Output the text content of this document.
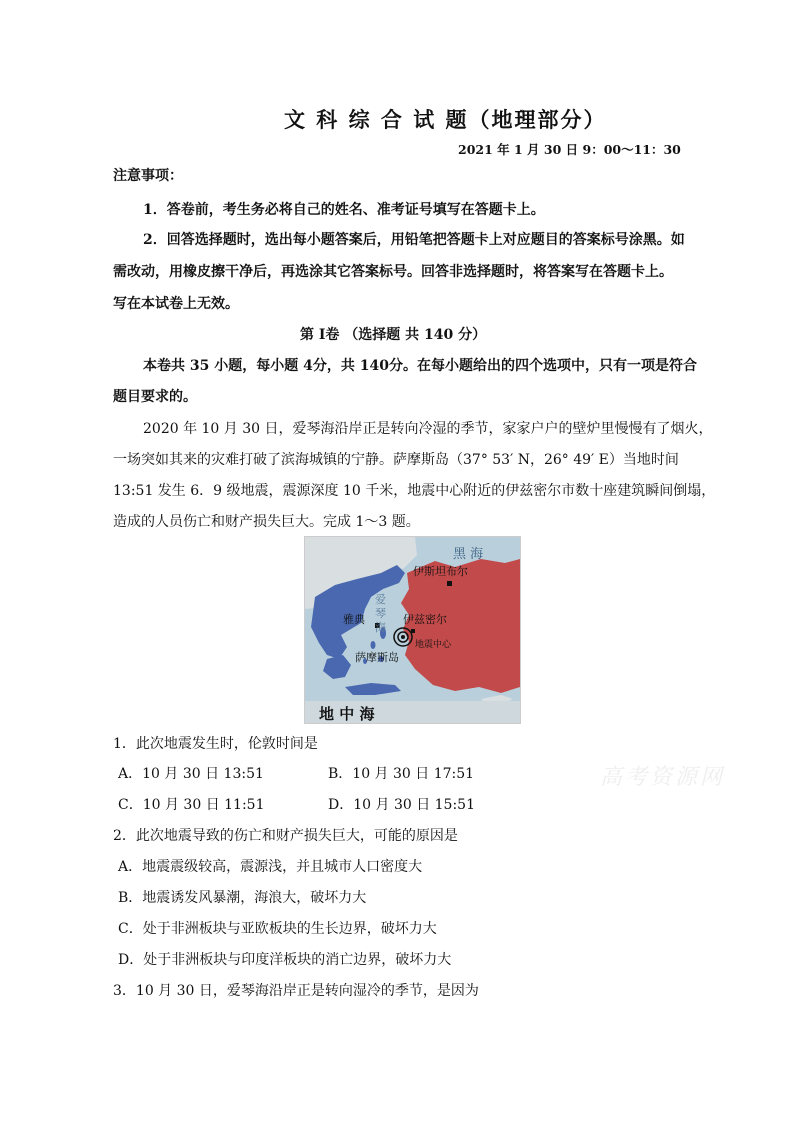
文 科 综 合 试 题（地理部分）
2021 年 1 月 30 日 9：00～11：30
注意事项：
1．答卷前，考生务必将自己的姓名、准考证号填写在答题卡上。
2．回答选择题时，选出每小题答案后，用铅笔把答题卡上对应题目的答案标号涂黑。如
需改动，用橡皮擦干净后，再选涂其它答案标号。回答非选择题时，将答案写在答题卡上。
写在本试卷上无效。
第 Ⅰ卷 （选择题 共 140 分）
本卷共 35 小题，每小题 4分，共 140分。在每小题给出的四个选项中，只有一项是符合
题目要求的。
2020 年 10 月 30 日，爱琴海沿岸正是转向冷湿的季节，家家户户的壁炉里慢慢有了烟火，
一场突如其来的灾难打破了滨海城镇的宁静。萨摩斯岛（37° 53′ N，26° 49′ E）当地时间
13:51 发生 6．9 级地震，震源深度 10 千米，地震中心附近的伊兹密尔市数十座建筑瞬间倒塌，
造成的人员伤亡和财产损失巨大。完成 1～3 题。
黑 海
伊斯坦布尔
爱
琴
海
雅典	伊兹密尔
地震中心
萨摩斯岛
地 中 海
1．此次地震发生时，伦敦时间是
A．10 月 30 日 13:51	B．10 月 30 日 17:51
C．10 月 30 日 11:51	D．10 月 30 日 15:51
2．此次地震导致的伤亡和财产损失巨大，可能的原因是
A．地震震级较高，震源浅，并且城市人口密度大
B．地震诱发风暴潮，海浪大，破坏力大
C．处于非洲板块与亚欧板块的生长边界，破坏力大
D．处于非洲板块与印度洋板块的消亡边界，破坏力大
3．10 月 30 日，爱琴海沿岸正是转向湿冷的季节，是因为
高考资源网
